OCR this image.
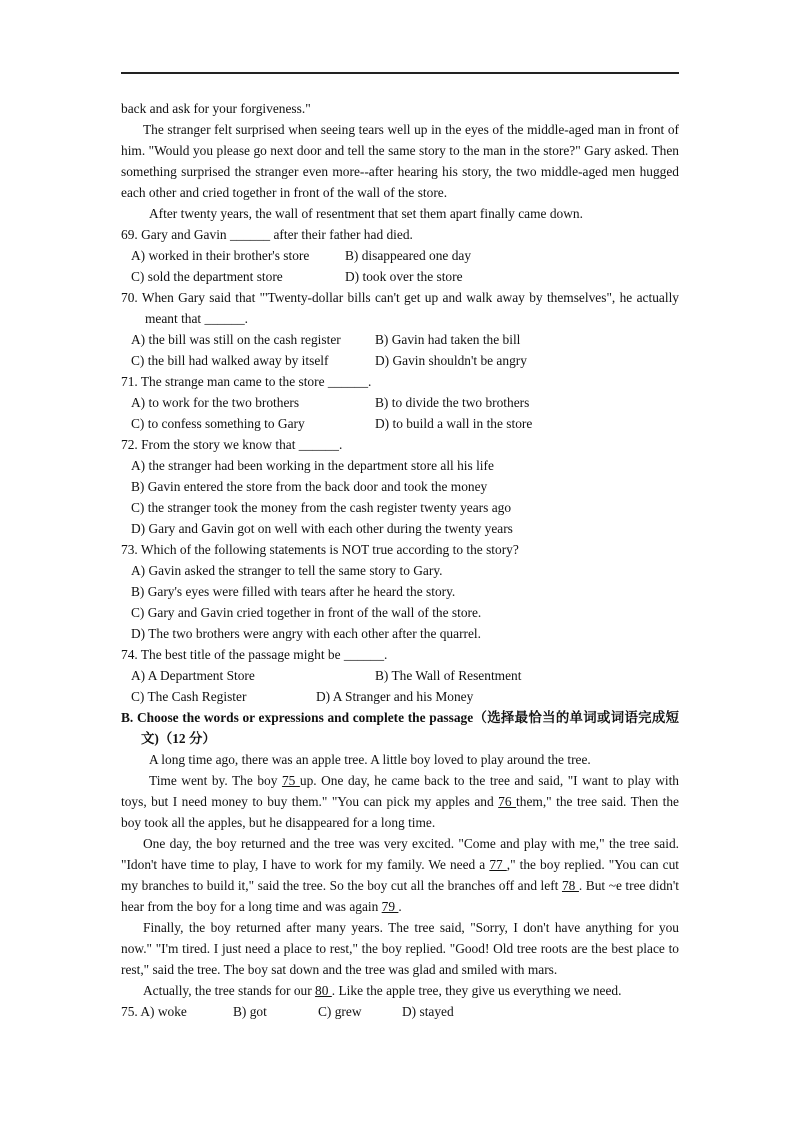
back and ask for your forgiveness."

The stranger felt surprised when seeing tears well up in the eyes of the middle-aged man in front of him. "Would you please go next door and tell the same story to the man in the store?" Gary asked. Then something surprised the stranger even more--after hearing his story, the two middle-aged men hugged each other and cried together in front of the wall of the store.

After twenty years, the wall of resentment that set them apart finally came down.

69. Gary and Gavin ______ after their father had died.

A) worked in their brother's store	B) disappeared one day
C) sold the department store	D) took over the store

70. When Gary said that "'Twenty-dollar bills can't get up and walk away by themselves", he actually meant that ______.

A) the bill was still on the cash register	B) Gavin had taken the bill
C) the bill had walked away by itself	D) Gavin shouldn't be angry

71. The strange man came to the store ______.

A) to work for the two brothers	B) to divide the two brothers
C) to confess something to Gary	D) to build a wall in the store

72. From the story we know that ______.

A) the stranger had been working in the department store all his life
B) Gavin entered the store from the back door and took the money
C) the stranger took the money from the cash register twenty years ago
D) Gary and Gavin got on well with each other during the twenty years

73. Which of the following statements is NOT true according to the story?

A) Gavin asked the stranger to tell the same story to Gary.
B) Gary's eyes were filled with tears after he heard the story.
C) Gary and Gavin cried together in front of the wall of the store.
D) The two brothers were angry with each other after the quarrel.

74. The best title of the passage might be ______.

A) A Department Store	B) The Wall of Resentment
C) The Cash Register	D) A Stranger and his Money

B. Choose the words or expressions and complete the passage（选择最恰当的单词或词语完成短文)（12 分）

A long time ago, there was an apple tree. A little boy loved to play around the tree.

Time went by. The boy 75 up. One day, he came back to the tree and said, "I want to play with toys, but I need money to buy them." "You can pick my apples and 76 them," the tree said. Then the boy took all the apples, but he disappeared for a long time.

One day, the boy returned and the tree was very excited. "Come and play with me," the tree said. "Idon't have time to play, I have to work for my family. We need a 77 ," the boy replied. "You can cut my branches to build it," said the tree. So the boy cut all the branches off and left 78 . But ~e tree didn't hear from the boy for a long time and was again 79 .

Finally, the boy returned after many years. The tree said, "Sorry, I don't have anything for you now." "I'm tired. I just need a place to rest," the boy replied. "Good! Old tree roots are the best place to rest," said the tree. The boy sat down and the tree was glad and smiled with mars.

Actually, the tree stands for our 80 . Like the apple tree, they give us everything we need.

75. A) woke	B) got	C) grew	D) stayed
